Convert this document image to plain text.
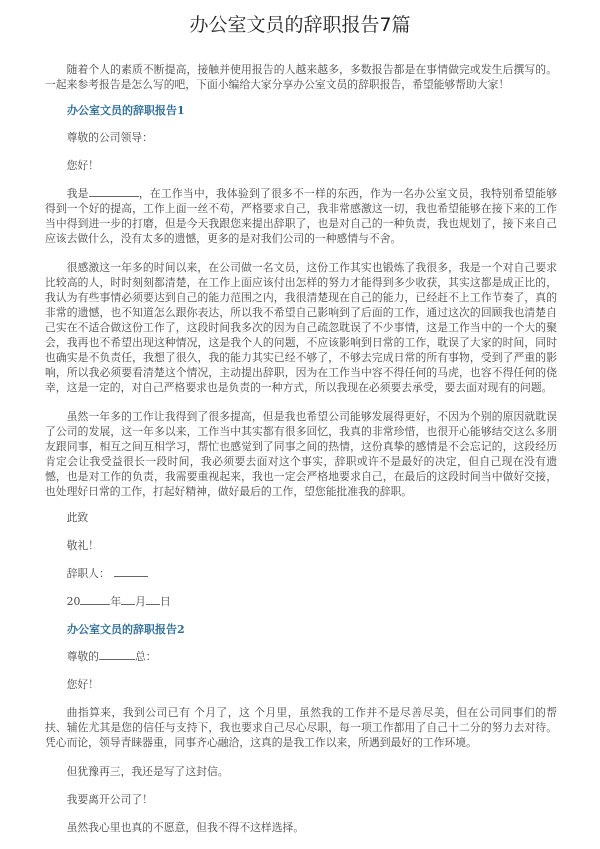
办公室文员的辞职报告7篇

随着个人的素质不断提高，接触并使用报告的人越来越多，多数报告都是在事情做完或发生后撰写的。一起来参考报告是怎么写的吧，下面小编给大家分享办公室文员的辞职报告，希望能够帮助大家！

办公室文员的辞职报告1

尊敬的公司领导：

您好！

我是	，在工作当中，我体验到了很多不一样的东西，作为一名办公室文员，我特别希望能够得到一个好的提高，工作上面一丝不苟，严格要求自己，我非常感激这一切，我也希望能够在接下来的工作当中得到进一步的打磨，但是今天我跟您来提出辞职了，也是对自己的一种负责，我也规划了，接下来自己应该去做什么，没有太多的遗憾，更多的是对我们公司的一种感情与不舍。

很感激这一年多的时间以来，在公司做一名文员，这份工作其实也锻炼了我很多，我是一个对自己要求比较高的人，时时刻刻都清楚，在工作上面应该付出怎样的努力才能得到多少收获，其实这都是成正比的，我认为有些事情必须要达到自己的能力范围之内，我很清楚现在自己的能力，已经赶不上工作节奏了，真的非常的遗憾，也不知道怎么跟你表达，所以我不希望自己影响到了后面的工作，通过这次的回顾我也清楚自己实在不适合做这份工作了，这段时间我多次的因为自己疏忽耽误了不少事情，这是工作当中的一个大的聚会，我再也不希望出现这种情况，这是我个人的问题，不应该影响到日常的工作，耽误了大家的时间，同时也确实是不负责任，我想了很久，我的能力其实已经不够了，不够去完成日常的所有事物，受到了严重的影响，所以我必须要看清楚这个情况，主动提出辞职，因为在工作当中容不得任何的马虎，也容不得任何的侥幸，这是一定的，对自己严格要求也是负责的一种方式，所以我现在必须要去承受，要去面对现有的问题。

虽然一年多的工作让我得到了很多提高，但是我也希望公司能够发展得更好，不因为个别的原因就耽误了公司的发展，这一年多以来，工作当中其实都有很多回忆，我真的非常珍惜，也很开心能够结交这么多朋友跟同事，相互之间互相学习，帮忙也感觉到了同事之间的热情，这份真挚的感情是不会忘记的，这段经历肯定会让我受益很长一段时间，我必须要去面对这个事实，辞职或许不是最好的决定，但自己现在没有遗憾，也是对工作的负责，我需要重视起来，我也一定会严格地要求自己，在最后的这段时间当中做好交接，也处理好日常的工作，打起好精神，做好最后的工作，望您能批准我的辞职。

此致

敬礼！

辞职人：

20	年 月 日

办公室文员的辞职报告2

尊敬的	总：

您好！

曲指算来，我到公司已有 个月了，这 个月里，虽然我的工作并不是尽善尽美，但在公司同事们的帮扶、辅佐尤其是您的信任与支持下，我也要求自己尽心尽职，每一项工作都用了自己十二分的努力去对待。凭心而论，领导青睐器重，同事齐心融洽，这真的是我工作以来，所遇到最好的工作环境。

但犹豫再三，我还是写了这封信。

我要离开公司了！

虽然我心里也真的不愿意，但我不得不这样选择。
